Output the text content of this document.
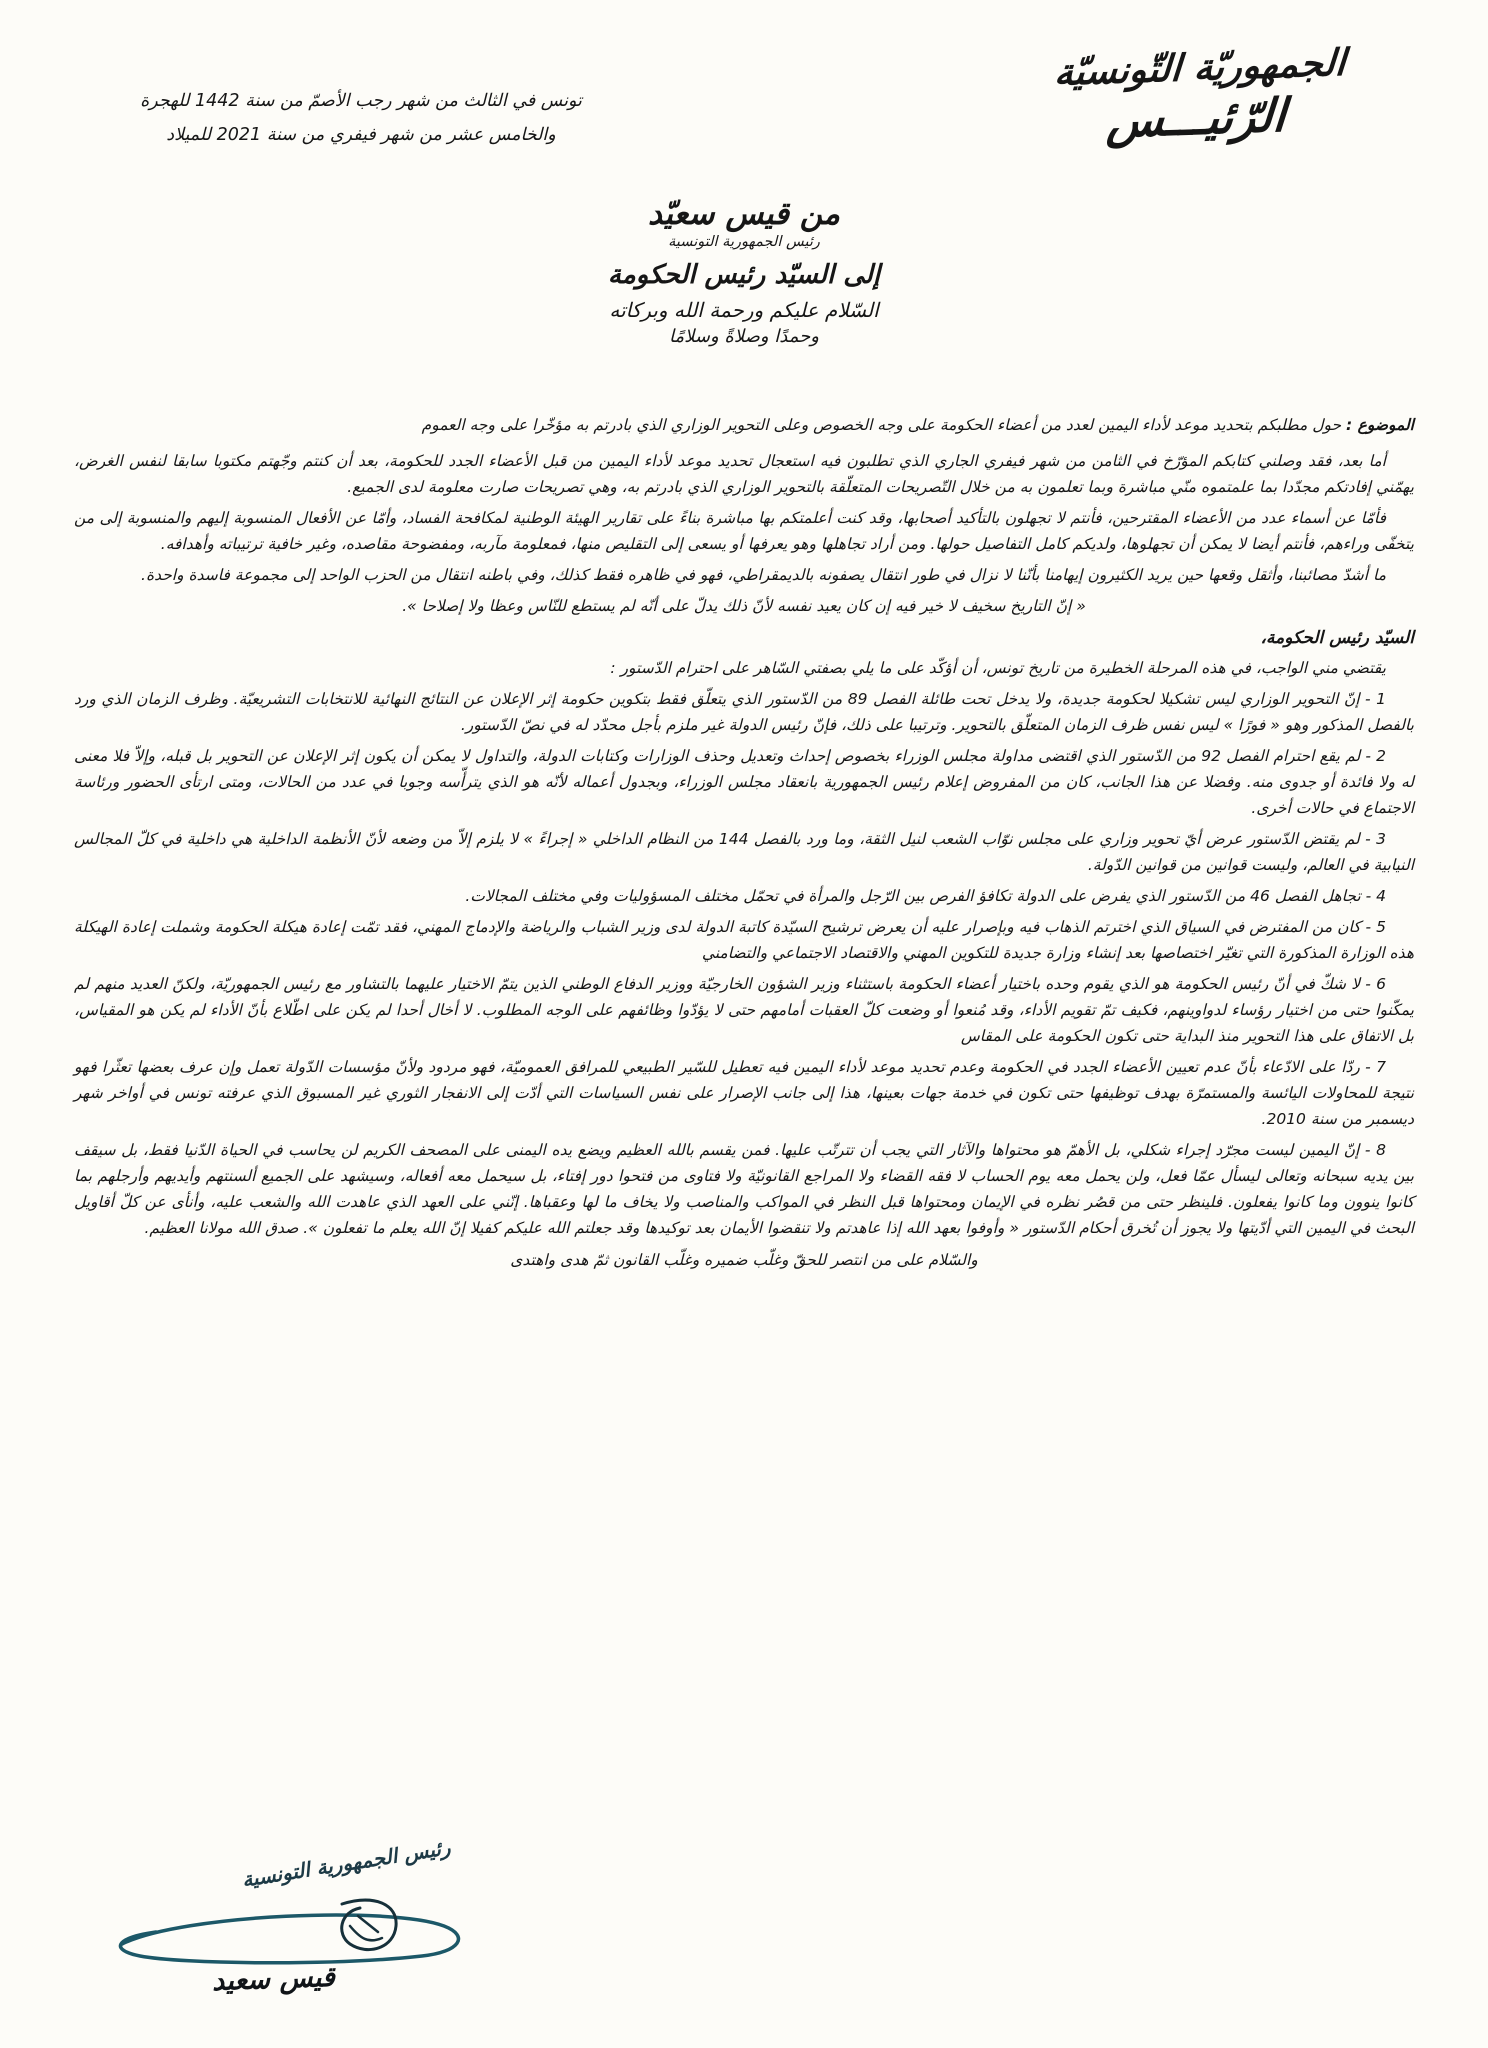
الجمهوريّة التّونسيّة
الرّئيـــس
تونس في الثالث من شهر رجب الأصمّ من سنة 1442 للهجرة
والخامس عشر من شهر فيفري من سنة 2021 للميلاد
من قيس سعيّد
رئيس الجمهورية التونسية
إلى السيّد رئيس الحكومة
السّلام عليكم ورحمة الله وبركاته
وحمدًا وصلاةً وسلامًا
الموضوع : حول مطلبكم بتحديد موعد لأداء اليمين لعدد من أعضاء الحكومة على وجه الخصوص وعلى التحوير الوزاري الذي بادرتم به مؤخّرا على وجه العموم

أما بعد، فقد وصلني كتابكم المؤرّخ في الثامن من شهر فيفري الجاري الذي تطلبون فيه استعجال تحديد موعد لأداء اليمين من قبل الأعضاء الجدد للحكومة، بعد أن كنتم وجّهتم مكتوبا سابقا لنفس الغرض، يهمّني إفادتكم مجدّدا بما علمتموه منّي مباشرة وبما تعلمون به من خلال التّصريحات المتعلّقة بالتحوير الوزاري الذي بادرتم به، وهي تصريحات صارت معلومة لدى الجميع.

فأمّا عن أسماء عدد من الأعضاء المقترحين، فأنتم لا تجهلون بالتأكيد أصحابها، وقد كنت أعلمتكم بها مباشرة بناءً على تقارير الهيئة الوطنية لمكافحة الفساد، وأمّا عن الأفعال المنسوبة إليهم والمنسوبة إلى من يتخفّى وراءهم، فأنتم أيضا لا يمكن أن تجهلوها، ولديكم كامل التفاصيل حولها. ومن أراد تجاهلها وهو يعرفها أو يسعى إلى التقليص منها، فمعلومة مآربه، ومفضوحة مقاصده، وغير خافية ترتيباته وأهدافه.

ما أشدّ مصائبنا، وأثقل وقعها حين يريد الكثيرون إيهامنا بأنّنا لا نزال في طور انتقال يصفونه بالديمقراطي، فهو في ظاهره فقط كذلك، وفي باطنه انتقال من الحزب الواحد إلى مجموعة فاسدة واحدة.

« إنّ التاريخ سخيف لا خير فيه إن كان يعيد نفسه لأنّ ذلك يدلّ على أنّه لم يستطع للنّاس وعظا ولا إصلاحا ».

السيّد رئيس الحكومة،

يقتضي مني الواجب، في هذه المرحلة الخطيرة من تاريخ تونس، أن أؤكّد على ما يلي بصفتي السّاهر على احترام الدّستور :

1 - إنّ التحوير الوزاري ليس تشكيلا لحكومة جديدة، ولا يدخل تحت طائلة الفصل 89 من الدّستور الذي يتعلّق فقط بتكوين حكومة إثر الإعلان عن النتائج النهائية للانتخابات التشريعيّة. وظرف الزمان الذي ورد بالفصل المذكور وهو « فورًا » ليس نفس ظرف الزمان المتعلّق بالتحوير. وترتيبا على ذلك، فإنّ رئيس الدولة غير ملزم بأجل محدّد له في نصّ الدّستور.

2 - لم يقع احترام الفصل 92 من الدّستور الذي اقتضى مداولة مجلس الوزراء بخصوص إحداث وتعديل وحذف الوزارات وكتابات الدولة، والتداول لا يمكن أن يكون إثر الإعلان عن التحوير بل قبله، وإلاّ فلا معنى له ولا فائدة أو جدوى منه. وفضلا عن هذا الجانب، كان من المفروض إعلام رئيس الجمهورية بانعقاد مجلس الوزراء، وبجدول أعماله لأنّه هو الذي يترأّسه وجوبا في عدد من الحالات، ومتى ارتأى الحضور ورئاسة الاجتماع في حالات أخرى.

3 - لم يقتض الدّستور عرض أيّ تحوير وزاري على مجلس نوّاب الشعب لنيل الثقة، وما ورد بالفصل 144 من النظام الداخلي « إجراءً » لا يلزم إلاّ من وضعه لأنّ الأنظمة الداخلية هي داخلية في كلّ المجالس النيابية في العالم، وليست قوانين من قوانين الدّولة.

4 - تجاهل الفصل 46 من الدّستور الذي يفرض على الدولة تكافؤ الفرص بين الرّجل والمرأة في تحمّل مختلف المسؤوليات وفي مختلف المجالات.

5 - كان من المفترض في السياق الذي اخترتم الذهاب فيه وبإصرار عليه أن يعرض ترشيح السيّدة كاتبة الدولة لدى وزير الشباب والرياضة والإدماج المهني، فقد تمّت إعادة هيكلة الحكومة وشملت إعادة الهيكلة هذه الوزارة المذكورة التي تغيّر اختصاصها بعد إنشاء وزارة جديدة للتكوين المهني والاقتصاد الاجتماعي والتضامني

6 - لا شكّ في أنّ رئيس الحكومة هو الذي يقوم وحده باختيار أعضاء الحكومة باستثناء وزير الشؤون الخارجيّة ووزير الدفاع الوطني الذين يتمّ الاختيار عليهما بالتشاور مع رئيس الجمهوريّة، ولكنّ العديد منهم لم يمكّنوا حتى من اختيار رؤساء لدواوينهم، فكيف تمّ تقويم الأداء، وقد مُنعوا أو وضعت كلّ العقبات أمامهم حتى لا يؤدّوا وظائفهم على الوجه المطلوب. لا أخال أحدا لم يكن على اطّلاع بأنّ الأداء لم يكن هو المقياس، بل الاتفاق على هذا التحوير منذ البداية حتى تكون الحكومة على المقاس

7 - ردّا على الادّعاء بأنّ عدم تعيين الأعضاء الجدد في الحكومة وعدم تحديد موعد لأداء اليمين فيه تعطيل للسّير الطبيعي للمرافق العموميّة، فهو مردود ولأنّ مؤسسات الدّولة تعمل وإن عرف بعضها تعثّرا فهو نتيجة للمحاولات اليائسة والمستمرّة بهدف توظيفها حتى تكون في خدمة جهات بعينها، هذا إلى جانب الإصرار على نفس السياسات التي أدّت إلى الانفجار الثوري غير المسبوق الذي عرفته تونس في أواخر شهر ديسمبر من سنة 2010.

8 - إنّ اليمين ليست مجرّد إجراء شكلي، بل الأهمّ هو محتواها والآثار التي يجب أن تترتّب عليها. فمن يقسم بالله العظيم ويضع يده اليمنى على المصحف الكريم لن يحاسب في الحياة الدّنيا فقط، بل سيقف بين يديه سبحانه وتعالى ليسأل عمّا فعل، ولن يحمل معه يوم الحساب لا فقه القضاء ولا المراجع القانونيّة ولا فتاوى من فتحوا دور إفتاء، بل سيحمل معه أفعاله، وسيشهد على الجميع ألسنتهم وأيديهم وأرجلهم بما كانوا ينوون وما كانوا يفعلون. فلينظر حتى من قصُر نظره في الإيمان ومحتواها قبل النظر في المواكب والمناصب ولا يخاف ما لها وعقباها. إنّني على العهد الذي عاهدت الله والشعب عليه، وأنأى عن كلّ أقاويل البحث في اليمين التي أدّيتها ولا يجوز أن تُخرق أحكام الدّستور « وأوفوا بعهد الله إذا عاهدتم ولا تنقضوا الأيمان بعد توكيدها وقد جعلتم الله عليكم كفيلا إنّ الله يعلم ما تفعلون ». صدق الله مولانا العظيم.

والسّلام على من انتصر للحقّ وغلّب ضميره وغلّب القانون ثمّ هدى واهتدى

رئيس الجمهورية التونسية
قيس سعيد
